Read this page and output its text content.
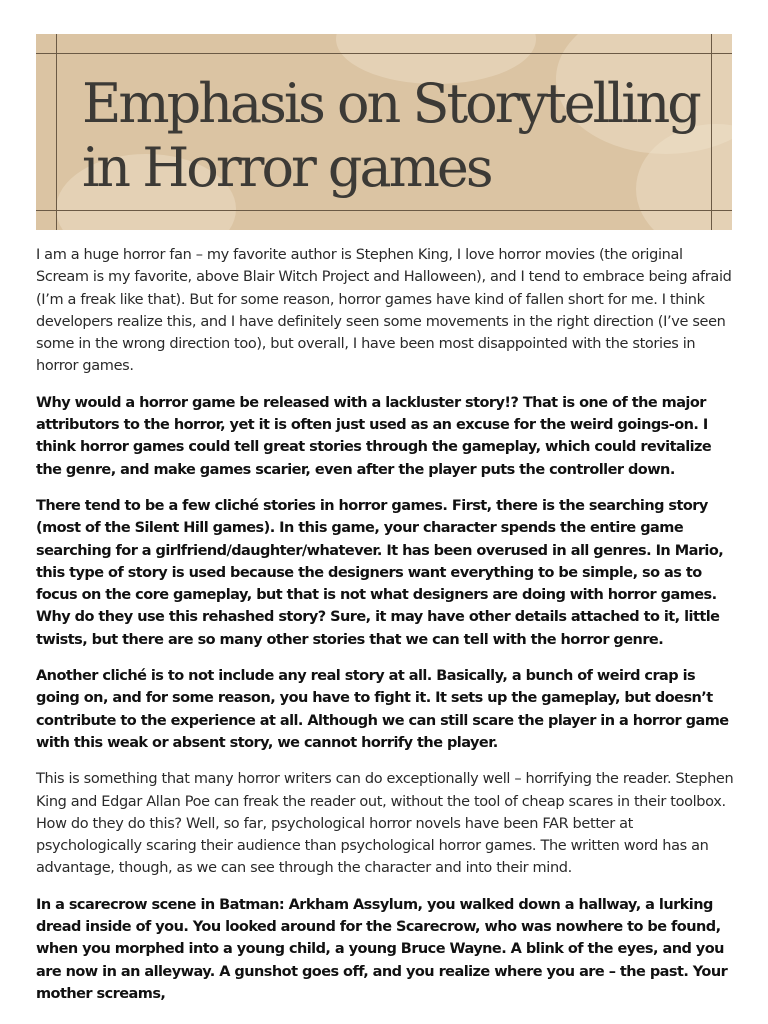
Emphasis on Storytelling
in Horror games

I am a huge horror fan – my favorite author is Stephen King, I love horror movies (the original Scream is my favorite, above Blair Witch Project and Halloween), and I tend to embrace being afraid (I’m a freak like that). But for some reason, horror games have kind of fallen short for me. I think developers realize this, and I have definitely seen some movements in the right direction (I’ve seen some in the wrong direction too), but overall, I have been most disappointed with the stories in horror games.

Why would a horror game be released with a lackluster story!? That is one of the major attributors to the horror, yet it is often just used as an excuse for the weird goings-on. I think horror games could tell great stories through the gameplay, which could revitalize the genre, and make games scarier, even after the player puts the controller down.

There tend to be a few cliché stories in horror games. First, there is the searching story (most of the Silent Hill games). In this game, your character spends the entire game searching for a girlfriend/daughter/whatever. It has been overused in all genres. In Mario, this type of story is used because the designers want everything to be simple, so as to focus on the core gameplay, but that is not what designers are doing with horror games. Why do they use this rehashed story? Sure, it may have other details attached to it, little twists, but there are so many other stories that we can tell with the horror genre.

Another cliché is to not include any real story at all. Basically, a bunch of weird crap is going on, and for some reason, you have to fight it. It sets up the gameplay, but doesn’t contribute to the experience at all. Although we can still scare the player in a horror game with this weak or absent story, we cannot horrify the player.

This is something that many horror writers can do exceptionally well – horrifying the reader. Stephen King and Edgar Allan Poe can freak the reader out, without the tool of cheap scares in their toolbox. How do they do this? Well, so far, psychological horror novels have been FAR better at psychologically scaring their audience than psychological horror games. The written word has an advantage, though, as we can see through the character and into their mind.

In a scarecrow scene in Batman: Arkham Assylum, you walked down a hallway, a lurking dread inside of you. You looked around for the Scarecrow, who was nowhere to be found, when you morphed into a young child, a young Bruce Wayne. A blink of the eyes, and you are now in an alleyway. A gunshot goes off, and you realize where you are – the past. Your mother screams,
